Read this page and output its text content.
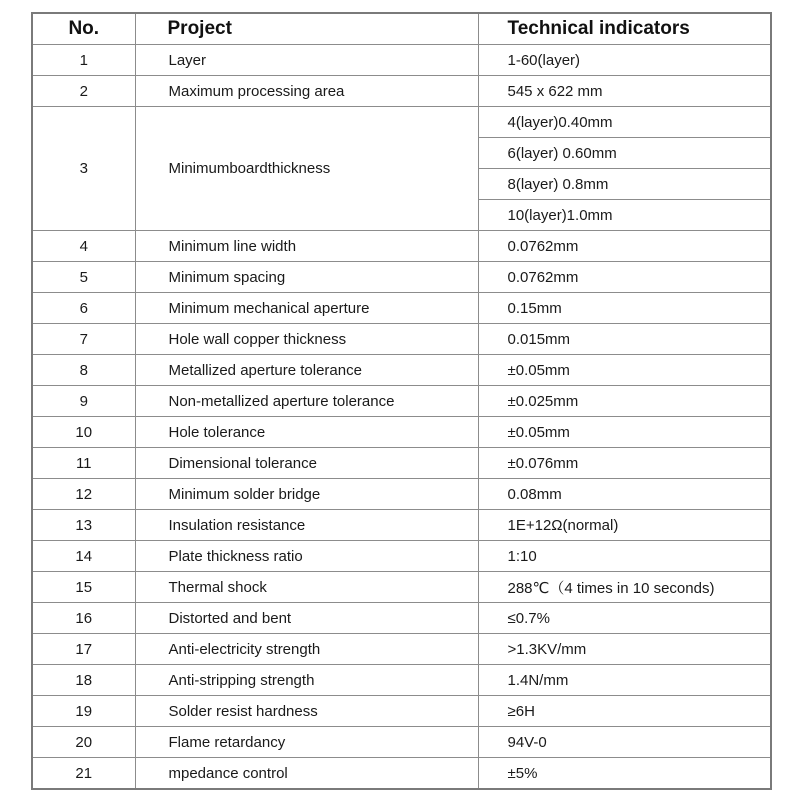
No.	Project	Technical indicators
1	Layer	1-60(layer)
2	Maximum processing area	545 x 622 mm
3	Minimumboardthickness	4(layer)0.40mm
		6(layer) 0.60mm
		8(layer) 0.8mm
		10(layer)1.0mm
4	Minimum line width	0.0762mm
5	Minimum spacing	0.0762mm
6	Minimum mechanical aperture	0.15mm
7	Hole wall copper thickness	0.015mm
8	Metallized aperture tolerance	±0.05mm
9	Non-metallized aperture tolerance	±0.025mm
10	Hole tolerance	±0.05mm
11	Dimensional tolerance	±0.076mm
12	Minimum solder bridge	0.08mm
13	Insulation resistance	1E+12Ω(normal)
14	Plate thickness ratio	1:10
15	Thermal shock	288℃（4 times in 10 seconds)
16	Distorted and bent	≤0.7%
17	Anti-electricity strength	>1.3KV/mm
18	Anti-stripping strength	1.4N/mm
19	Solder resist hardness	≥6H
20	Flame retardancy	94V-0
21	mpedance control	±5%
